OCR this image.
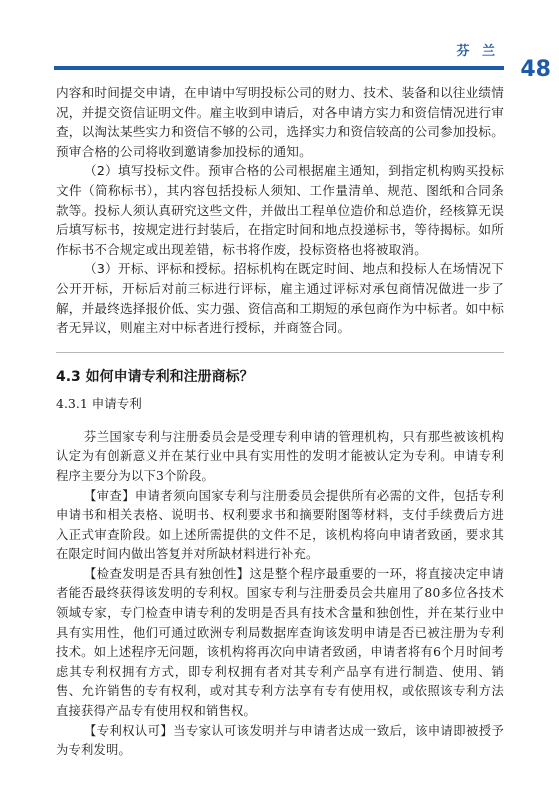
芬 兰
48

内容和时间提交申请，在申请中写明投标公司的财力、技术、装备和以往业绩情况，并提交资信证明文件。雇主收到申请后，对各申请方实力和资信情况进行审查，以淘汰某些实力和资信不够的公司，选择实力和资信较高的公司参加投标。预审合格的公司将收到邀请参加投标的通知。

（2）填写投标文件。预审合格的公司根据雇主通知，到指定机构购买投标文件（简称标书），其内容包括投标人须知、工作量清单、规范、图纸和合同条款等。投标人须认真研究这些文件，并做出工程单位造价和总造价，经核算无误后填写标书，按规定进行封装后，在指定时间和地点投递标书，等待揭标。如所作标书不合规定或出现差错，标书将作废，投标资格也将被取消。

（3）开标、评标和授标。招标机构在既定时间、地点和投标人在场情况下公开开标，开标后对前三标进行评标，雇主通过评标对承包商情况做进一步了解，并最终选择报价低、实力强、资信高和工期短的承包商作为中标者。如中标者无异议，则雇主对中标者进行授标，并商签合同。

4.3 如何申请专利和注册商标？
4.3.1 申请专利

芬兰国家专利与注册委员会是受理专利申请的管理机构，只有那些被该机构认定为有创新意义并在某行业中具有实用性的发明才能被认定为专利。申请专利程序主要分为以下3个阶段。

【审查】申请者须向国家专利与注册委员会提供所有必需的文件，包括专利申请书和相关表格、说明书、权利要求书和摘要附图等材料，支付手续费后方进入正式审查阶段。如上述所需提供的文件不足，该机构将向申请者致函，要求其在限定时间内做出答复并对所缺材料进行补充。

【检查发明是否具有独创性】这是整个程序最重要的一环，将直接决定申请者能否最终获得该发明的专利权。国家专利与注册委员会共雇用了80多位各技术领域专家，专门检查申请专利的发明是否具有技术含量和独创性，并在某行业中具有实用性，他们可通过欧洲专利局数据库查询该发明申请是否已被注册为专利技术。如上述程序无问题，该机构将再次向申请者致函，申请者将有6个月时间考虑其专利权拥有方式，即专利权拥有者对其专利产品享有进行制造、使用、销售、允许销售的专有权利，或对其专利方法享有专有使用权，或依照该专利方法直接获得产品专有使用权和销售权。

【专利权认可】当专家认可该发明并与申请者达成一致后，该申请即被授予为专利发明。
